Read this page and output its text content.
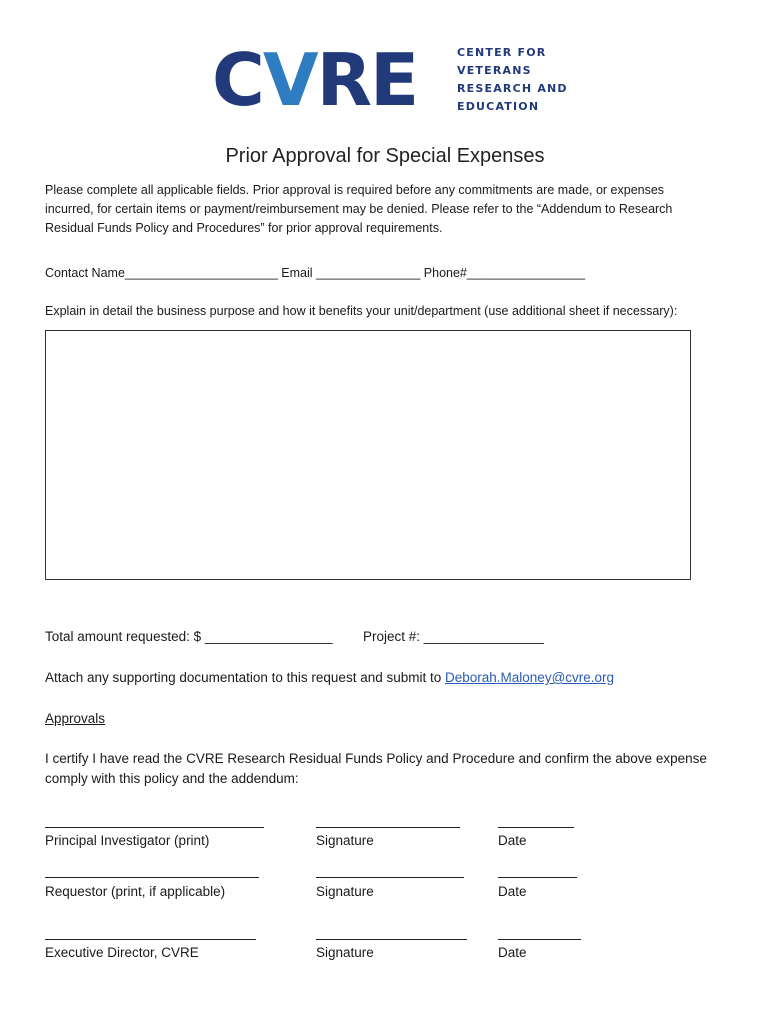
CVRE	CENTER FOR
VETERANS
RESEARCH AND
EDUCATION
Prior Approval for Special Expenses
Please complete all applicable fields. Prior approval is required before any commitments are made, or expenses
incurred, for certain items or payment/reimbursement may be denied. Please refer to the “Addendum to Research
Residual Funds Policy and Procedures” for prior approval requirements.
Contact Name______________________ Email _______________ Phone#_________________
Explain in detail the business purpose and how it benefits your unit/department (use additional sheet if necessary):
Total amount requested: $ _________________ Project #: ________________
Attach any supporting documentation to this request and submit to Deborah.Maloney@cvre.org
Approvals
I certify I have read the CVRE Research Residual Funds Policy and Procedure and confirm the above expense
comply with this policy and the addendum:
Principal Investigator (print)	Signature	Date
Requestor (print, if applicable)	Signature	Date
Executive Director, CVRE	Signature	Date
